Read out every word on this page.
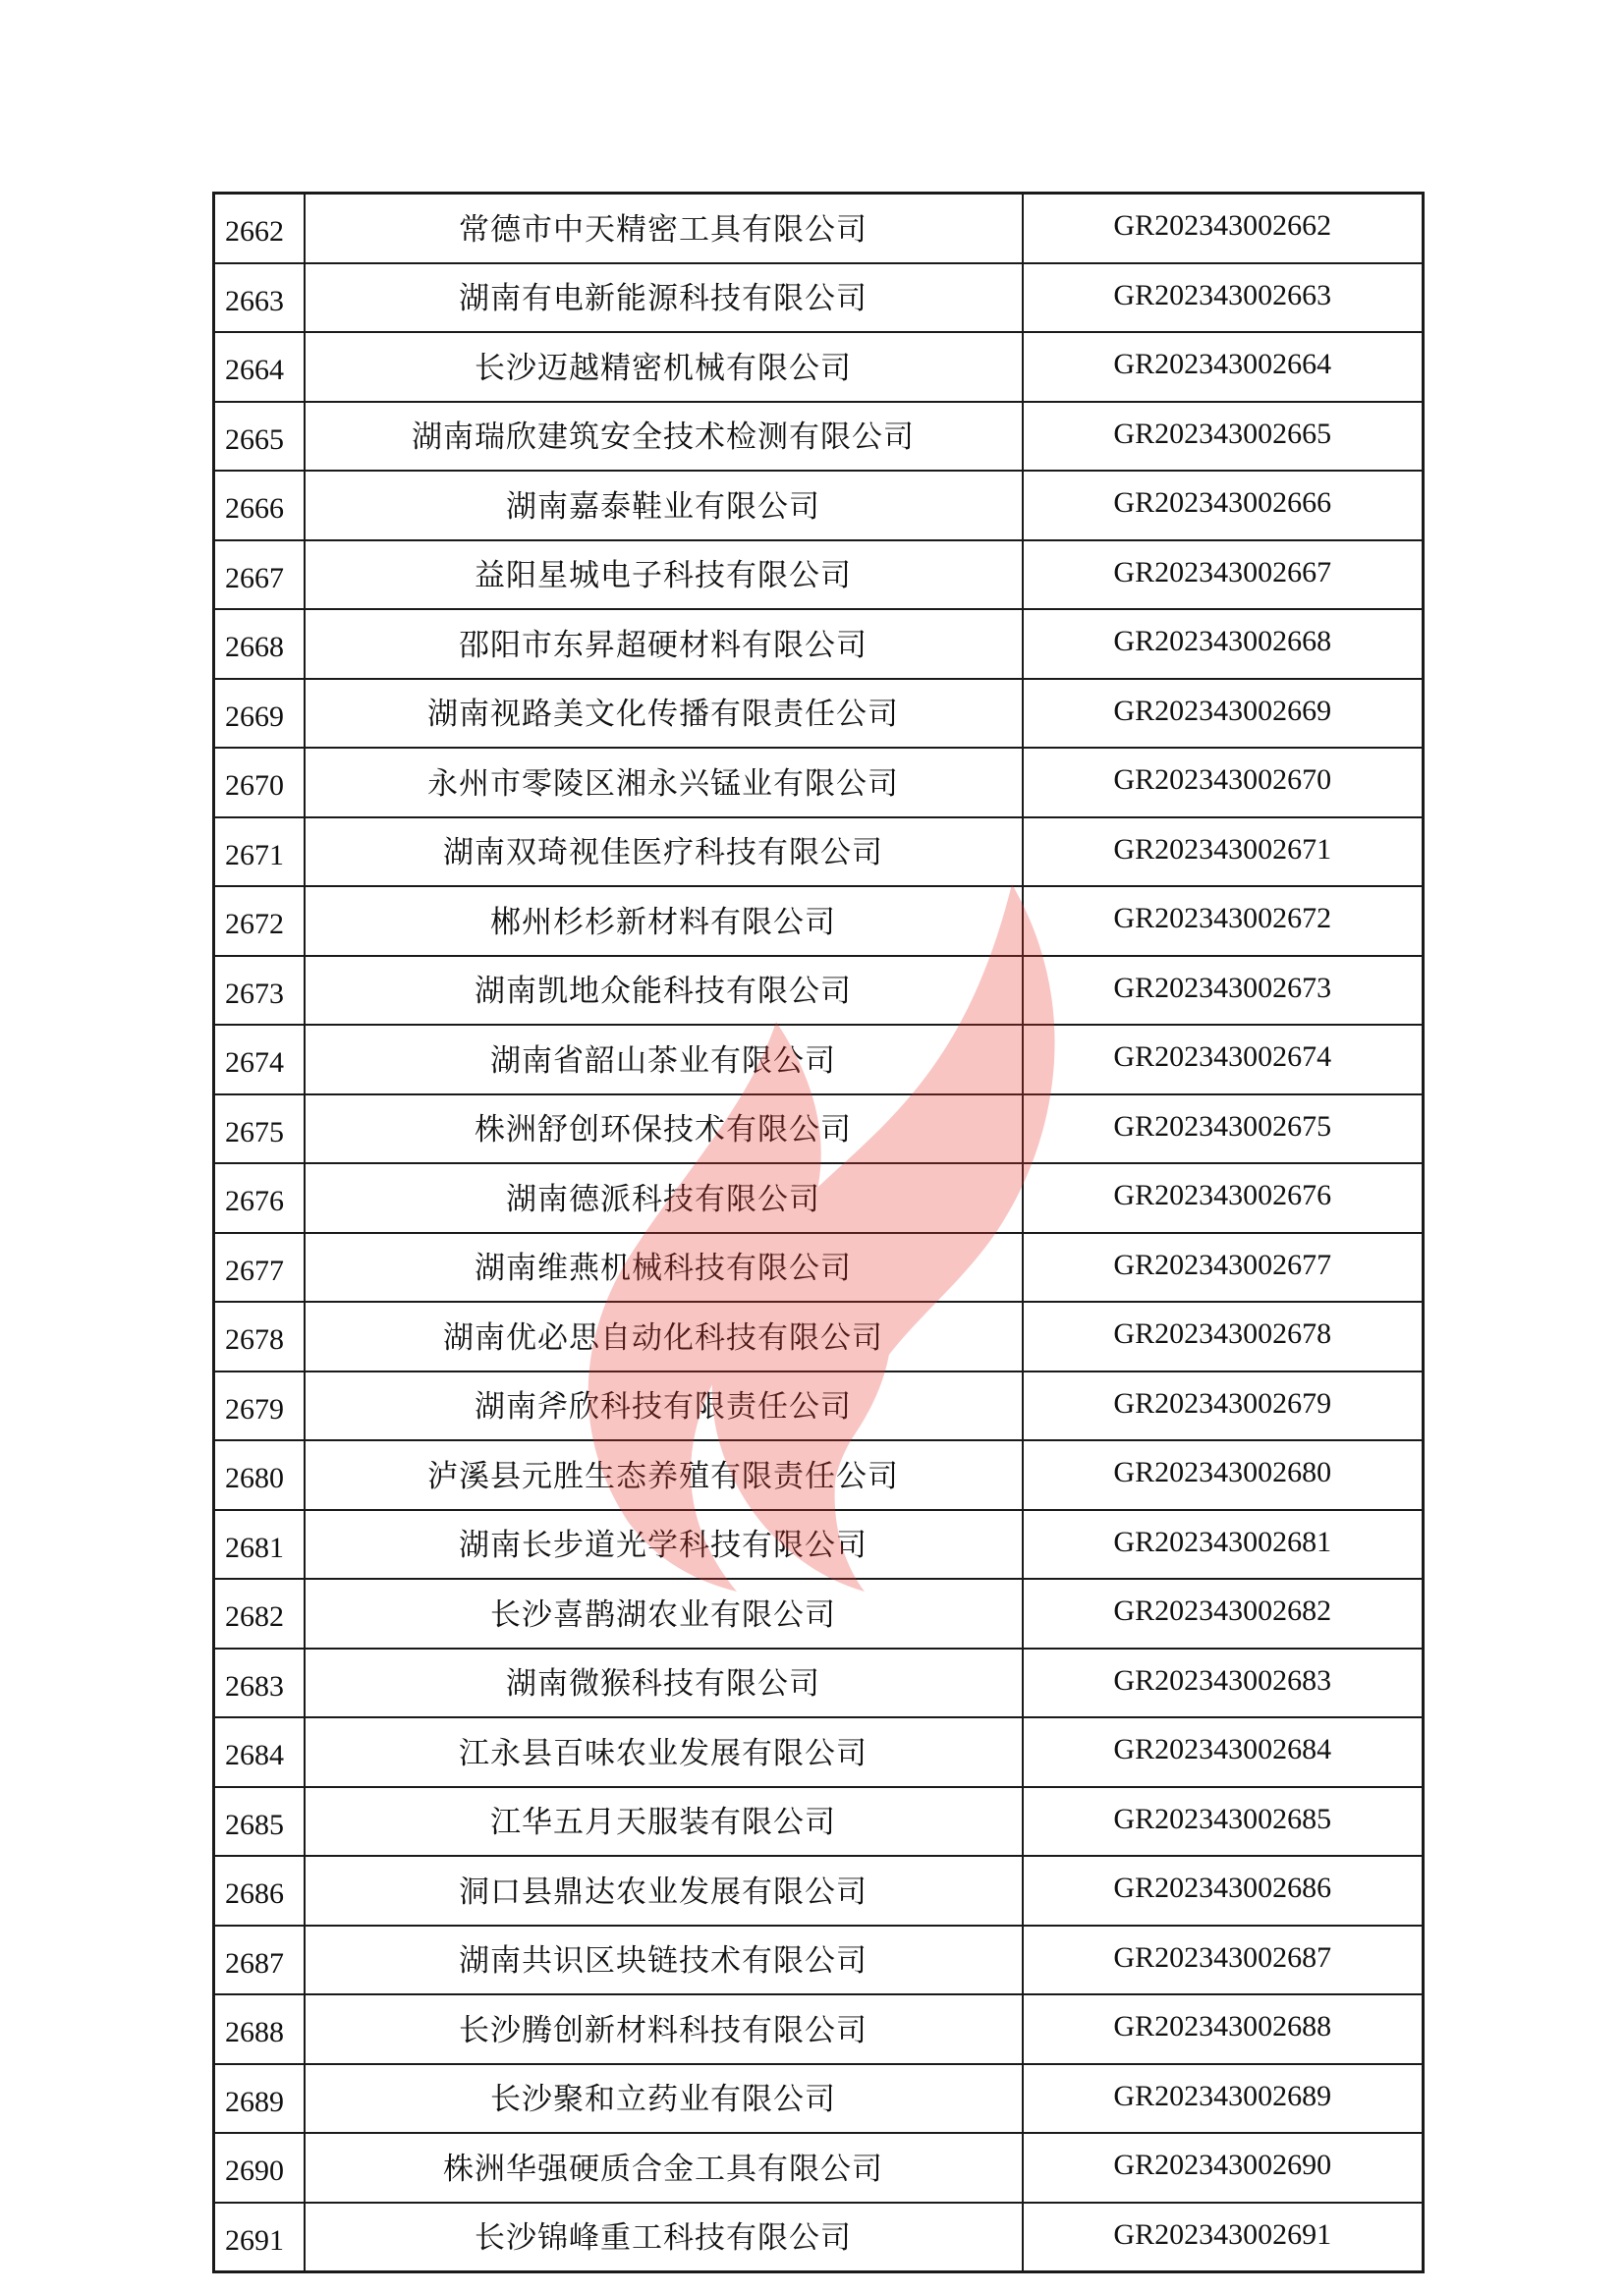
2662	常德市中天精密工具有限公司	GR202343002662
2663	湖南有电新能源科技有限公司	GR202343002663
2664	长沙迈越精密机械有限公司	GR202343002664
2665	湖南瑞欣建筑安全技术检测有限公司	GR202343002665
2666	湖南嘉泰鞋业有限公司	GR202343002666
2667	益阳星城电子科技有限公司	GR202343002667
2668	邵阳市东昇超硬材料有限公司	GR202343002668
2669	湖南视路美文化传播有限责任公司	GR202343002669
2670	永州市零陵区湘永兴锰业有限公司	GR202343002670
2671	湖南双琦视佳医疗科技有限公司	GR202343002671
2672	郴州杉杉新材料有限公司	GR202343002672
2673	湖南凯地众能科技有限公司	GR202343002673
2674	湖南省韶山茶业有限公司	GR202343002674
2675	株洲舒创环保技术有限公司	GR202343002675
2676	湖南德派科技有限公司	GR202343002676
2677	湖南维燕机械科技有限公司	GR202343002677
2678	湖南优必思自动化科技有限公司	GR202343002678
2679	湖南斧欣科技有限责任公司	GR202343002679
2680	泸溪县元胜生态养殖有限责任公司	GR202343002680
2681	湖南长步道光学科技有限公司	GR202343002681
2682	长沙喜鹊湖农业有限公司	GR202343002682
2683	湖南微猴科技有限公司	GR202343002683
2684	江永县百味农业发展有限公司	GR202343002684
2685	江华五月天服装有限公司	GR202343002685
2686	洞口县鼎达农业发展有限公司	GR202343002686
2687	湖南共识区块链技术有限公司	GR202343002687
2688	长沙腾创新材料科技有限公司	GR202343002688
2689	长沙聚和立药业有限公司	GR202343002689
2690	株洲华强硬质合金工具有限公司	GR202343002690
2691	长沙锦峰重工科技有限公司	GR202343002691
